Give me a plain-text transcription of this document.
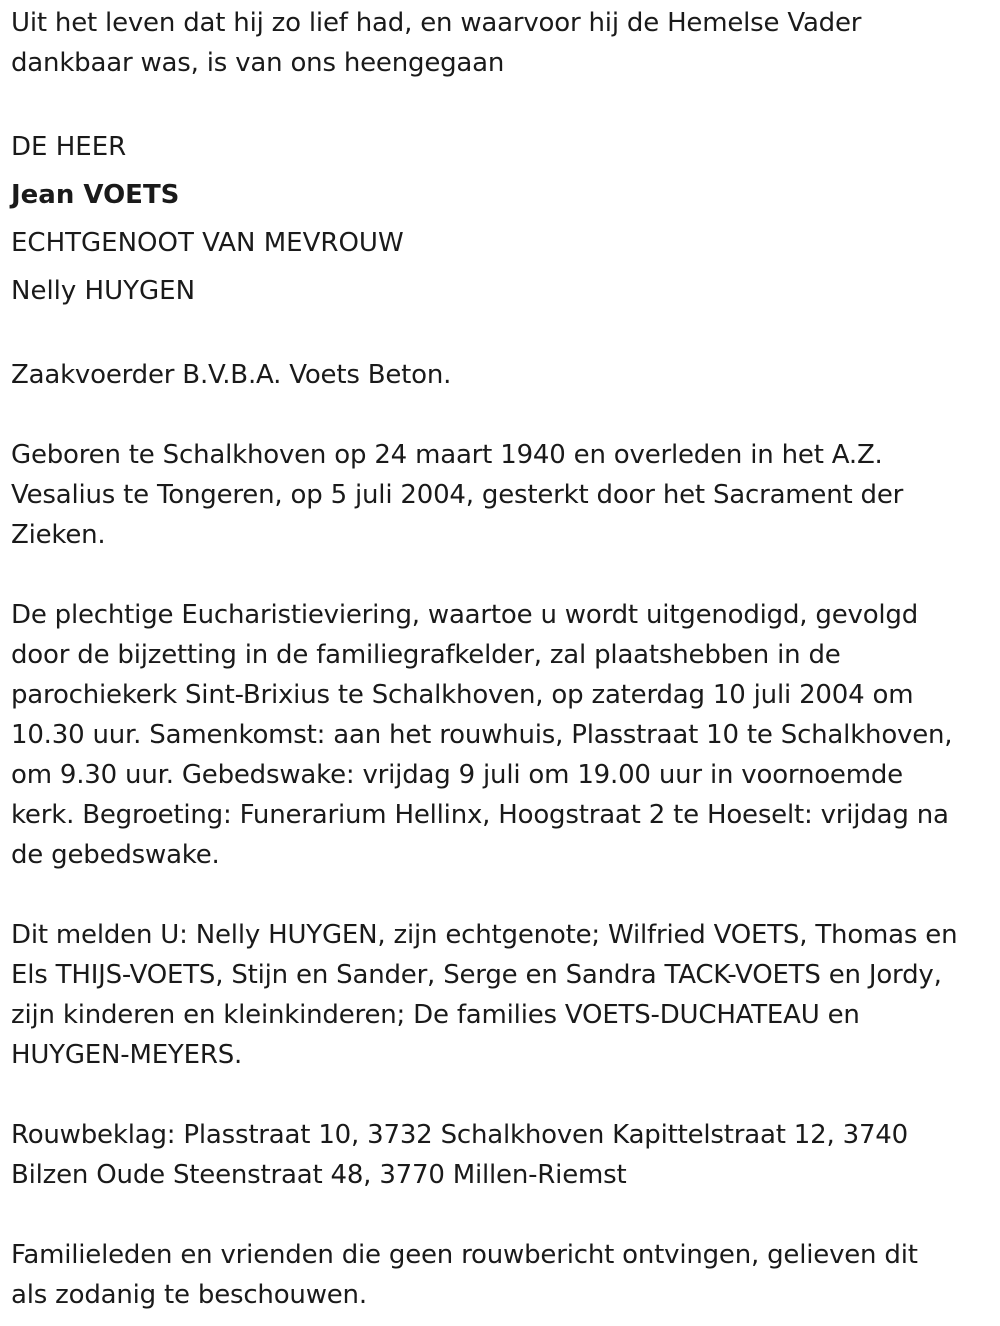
Uit het leven dat hij zo lief had, en waarvoor hij de Hemelse Vader
dankbaar was, is van ons heengegaan
DE HEER
Jean VOETS
ECHTGENOOT VAN MEVROUW
Nelly HUYGEN
Zaakvoerder B.V.B.A. Voets Beton.
Geboren te Schalkhoven op 24 maart 1940 en overleden in het A.Z.
Vesalius te Tongeren, op 5 juli 2004, gesterkt door het Sacrament der
Zieken.
De plechtige Eucharistieviering, waartoe u wordt uitgenodigd, gevolgd
door de bijzetting in de familiegrafkelder, zal plaatshebben in de
parochiekerk Sint-Brixius te Schalkhoven, op zaterdag 10 juli 2004 om
10.30 uur. Samenkomst: aan het rouwhuis, Plasstraat 10 te Schalkhoven,
om 9.30 uur. Gebedswake: vrijdag 9 juli om 19.00 uur in voornoemde
kerk. Begroeting: Funerarium Hellinx, Hoogstraat 2 te Hoeselt: vrijdag na
de gebedswake.
Dit melden U: Nelly HUYGEN, zijn echtgenote; Wilfried VOETS, Thomas en
Els THIJS-VOETS, Stijn en Sander, Serge en Sandra TACK-VOETS en Jordy,
zijn kinderen en kleinkinderen; De families VOETS-DUCHATEAU en
HUYGEN-MEYERS.
Rouwbeklag: Plasstraat 10, 3732 Schalkhoven Kapittelstraat 12, 3740
Bilzen Oude Steenstraat 48, 3770 Millen-Riemst
Familieleden en vrienden die geen rouwbericht ontvingen, gelieven dit
als zodanig te beschouwen.
